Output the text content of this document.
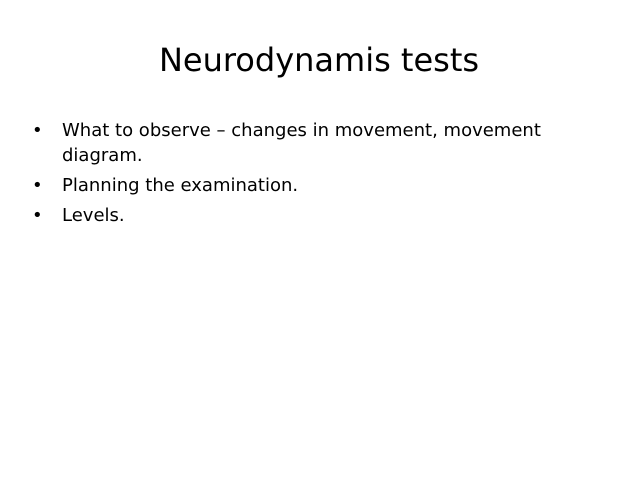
Neurodynamis tests
•	What to observe – changes in movement, movement diagram.
•	Planning the examination.
•	Levels.
